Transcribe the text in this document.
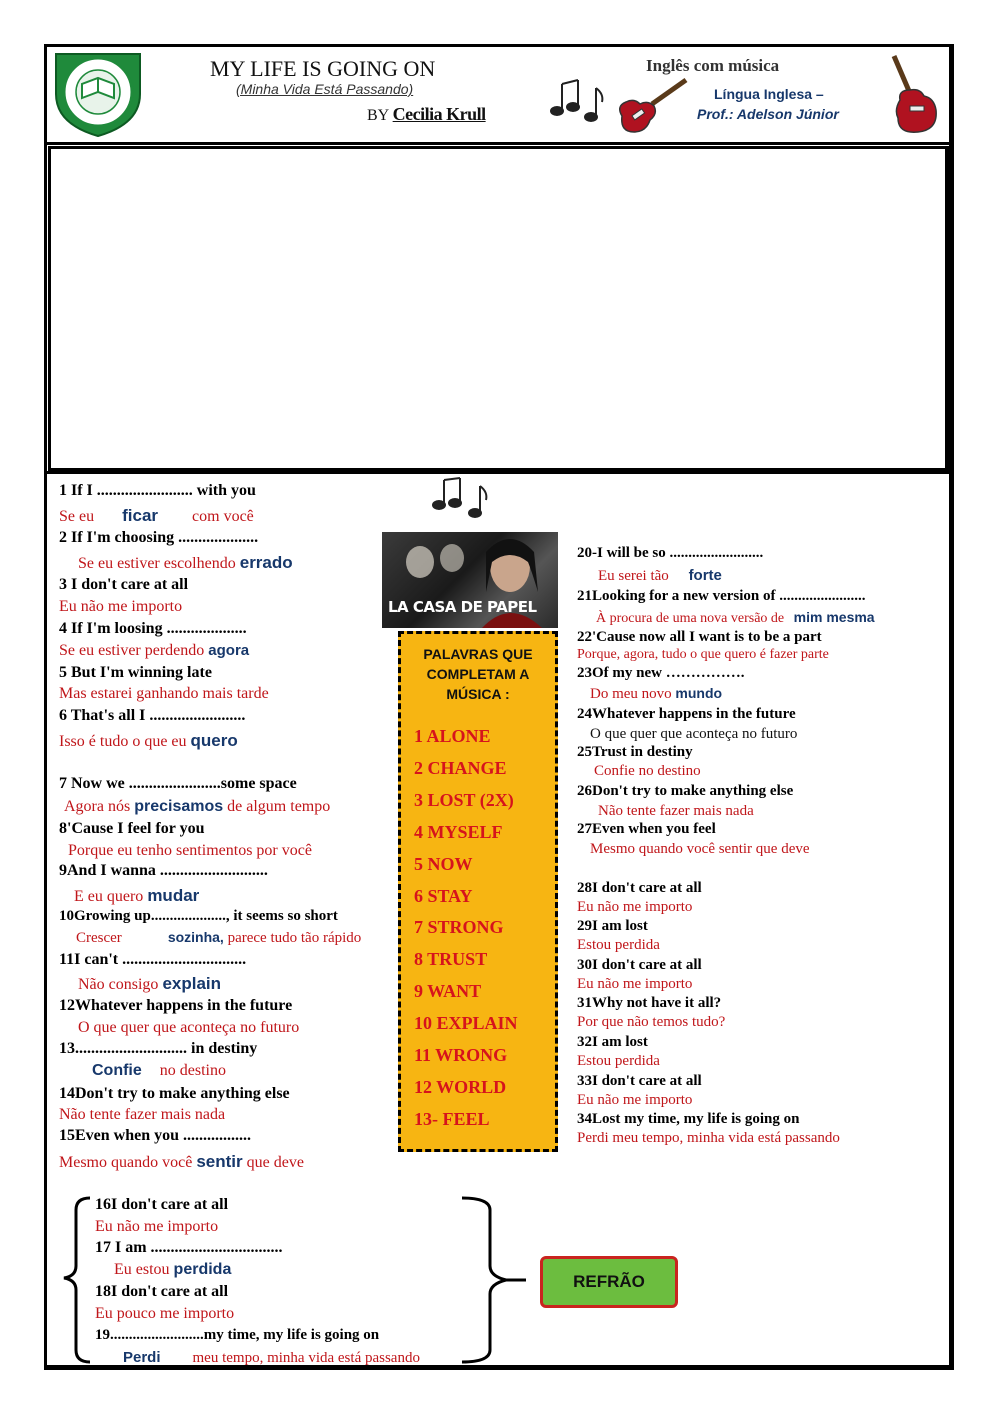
MY LIFE IS GOING ON
(Minha Vida Está Passando)
BY Cecilia Krull
Inglês com música
Língua Inglesa –
Prof.: Adelson Júnior
LA CASA DE PAPEL
1 If I ........................ with you
Se eu ficar com você
2 If I'm choosing ....................
Se eu estiver escolhendo errado
3 I don't care at all
Eu não me importo
4 If I'm loosing ....................
Se eu estiver perdendo agora
5 But I'm winning late
Mas estarei ganhando mais tarde
6 That's all I ........................
Isso é tudo o que eu quero
7 Now we .......................some space
Agora nós precisamos de algum tempo
8'Cause I feel for you
Porque eu tenho sentimentos por você
9And I wanna ...........................
E eu quero mudar
10Growing up...................., it seems so short
Crescer	sozinha, parece tudo tão rápido
11I can't ...............................
Não consigo explain
12Whatever happens in the future
O que quer que aconteça no futuro
13............................ in destiny
Confie no destino
14Don't try to make anything else
Não tente fazer mais nada
15Even when you .................
Mesmo quando você sentir que deve
16I don't care at all
Eu não me importo
17 I am .................................
Eu estou perdida
18I don't care at all
Eu pouco me importo
19.........................my time, my life is going on
Perdi meu tempo, minha vida está passando
PALAVRAS QUE COMPLETAM A MÚSICA :
1 ALONE
2 CHANGE
3 LOST (2X)
4 MYSELF
5 NOW
6 STAY
7 STRONG
8 TRUST
9 WANT
10 EXPLAIN
11 WRONG
12 WORLD
13- FEEL
20-I will be so .........................
Eu serei tão forte
21Looking for a new version of .......................
À procura de uma nova versão de mim mesma
22'Cause now all I want is to be a part
Porque, agora, tudo o que quero é fazer parte
23Of my new …………….
Do meu novo mundo
24Whatever happens in the future
O que quer que aconteça no futuro
25Trust in destiny
Confie no destino
26Don't try to make anything else
Não tente fazer mais nada
27Even when you feel
Mesmo quando você sentir que deve
28I don't care at all
Eu não me importo
29I am lost
Estou perdida
30I don't care at all
Eu não me importo
31Why not have it all?
Por que não temos tudo?
32I am lost
Estou perdida
33I don't care at all
Eu não me importo
34Lost my time, my life is going on
Perdi meu tempo, minha vida está passando
REFRÃO
